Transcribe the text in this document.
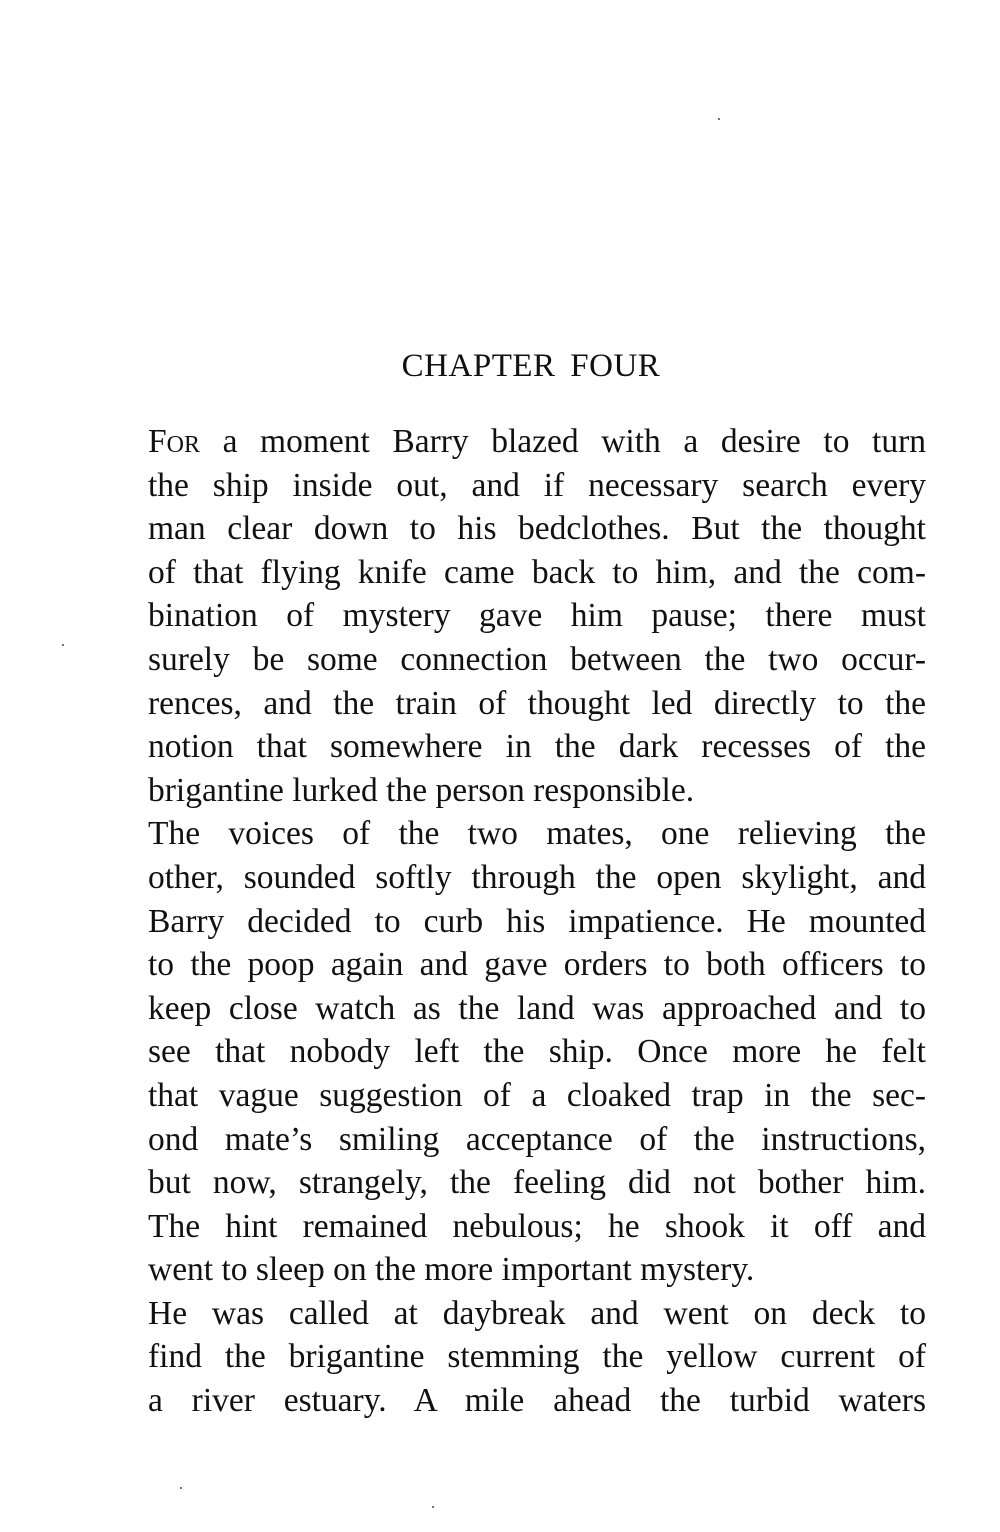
CHAPTER FOUR
FOR a moment Barry blazed with a desire to turn
the ship inside out, and if necessary search every
man clear down to his bedclothes. But the thought
of that flying knife came back to him, and the com-
bination of mystery gave him pause; there must
surely be some connection between the two occur-
rences, and the train of thought led directly to the
notion that somewhere in the dark recesses of the
brigantine lurked the person responsible.
The voices of the two mates, one relieving the
other, sounded softly through the open skylight, and
Barry decided to curb his impatience. He mounted
to the poop again and gave orders to both officers to
keep close watch as the land was approached and to
see that nobody left the ship. Once more he felt
that vague suggestion of a cloaked trap in the sec-
ond mate’s smiling acceptance of the instructions,
but now, strangely, the feeling did not bother him.
The hint remained nebulous; he shook it off and
went to sleep on the more important mystery.
He was called at daybreak and went on deck to
find the brigantine stemming the yellow current of
a river estuary. A mile ahead the turbid waters
